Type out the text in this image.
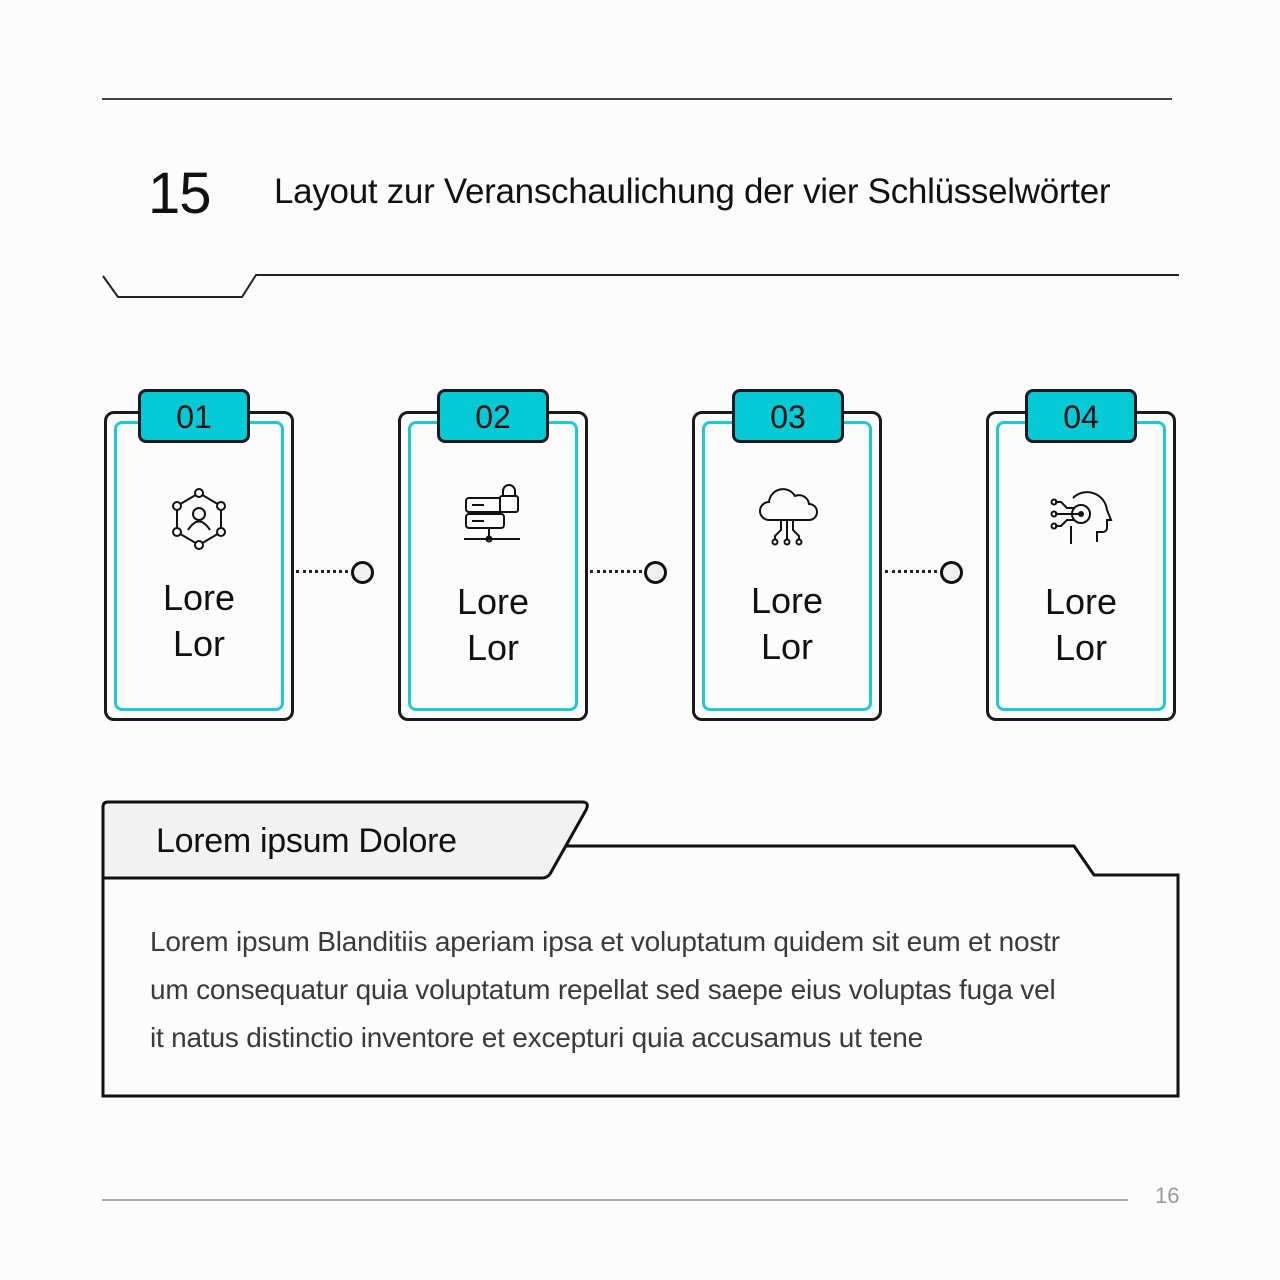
15 Layout zur Veranschaulichung der vier Schlüsselwörter
01
Lore
Lor
02
Lore
Lor
03
Lore
Lor
04
Lore
Lor
Lorem ipsum Dolore
Lorem ipsum Blanditiis aperiam ipsa et voluptatum quidem sit eum et nostr
um consequatur quia voluptatum repellat sed saepe eius voluptas fuga vel
it natus distinctio inventore et excepturi quia accusamus ut tene
16
